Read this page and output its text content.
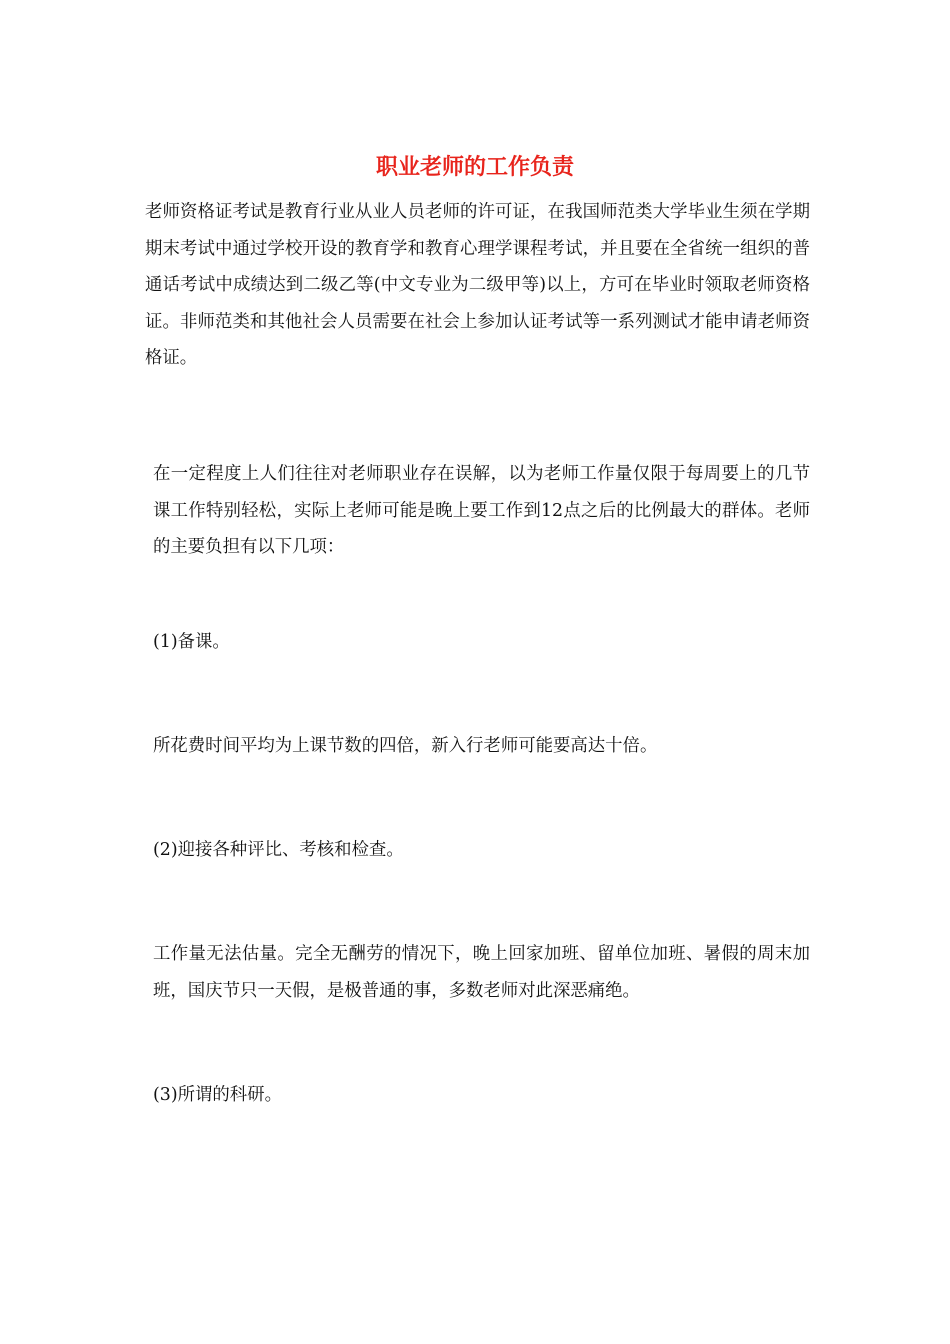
职业老师的工作负责

老师资格证考试是教育行业从业人员老师的许可证，在我国师范类大学毕业生须在学期期末考试中通过学校开设的教育学和教育心理学课程考试，并且要在全省统一组织的普通话考试中成绩达到二级乙等(中文专业为二级甲等)以上，方可在毕业时领取老师资格证。非师范类和其他社会人员需要在社会上参加认证考试等一系列测试才能申请老师资格证。

在一定程度上人们往往对老师职业存在误解，以为老师工作量仅限于每周要上的几节课工作特别轻松，实际上老师可能是晚上要工作到12点之后的比例最大的群体。老师的主要负担有以下几项：

(1)备课。

所花费时间平均为上课节数的四倍，新入行老师可能要高达十倍。

(2)迎接各种评比、考核和检查。

工作量无法估量。完全无酬劳的情况下，晚上回家加班、留单位加班、暑假的周末加班，国庆节只一天假，是极普通的事，多数老师对此深恶痛绝。

(3)所谓的科研。
